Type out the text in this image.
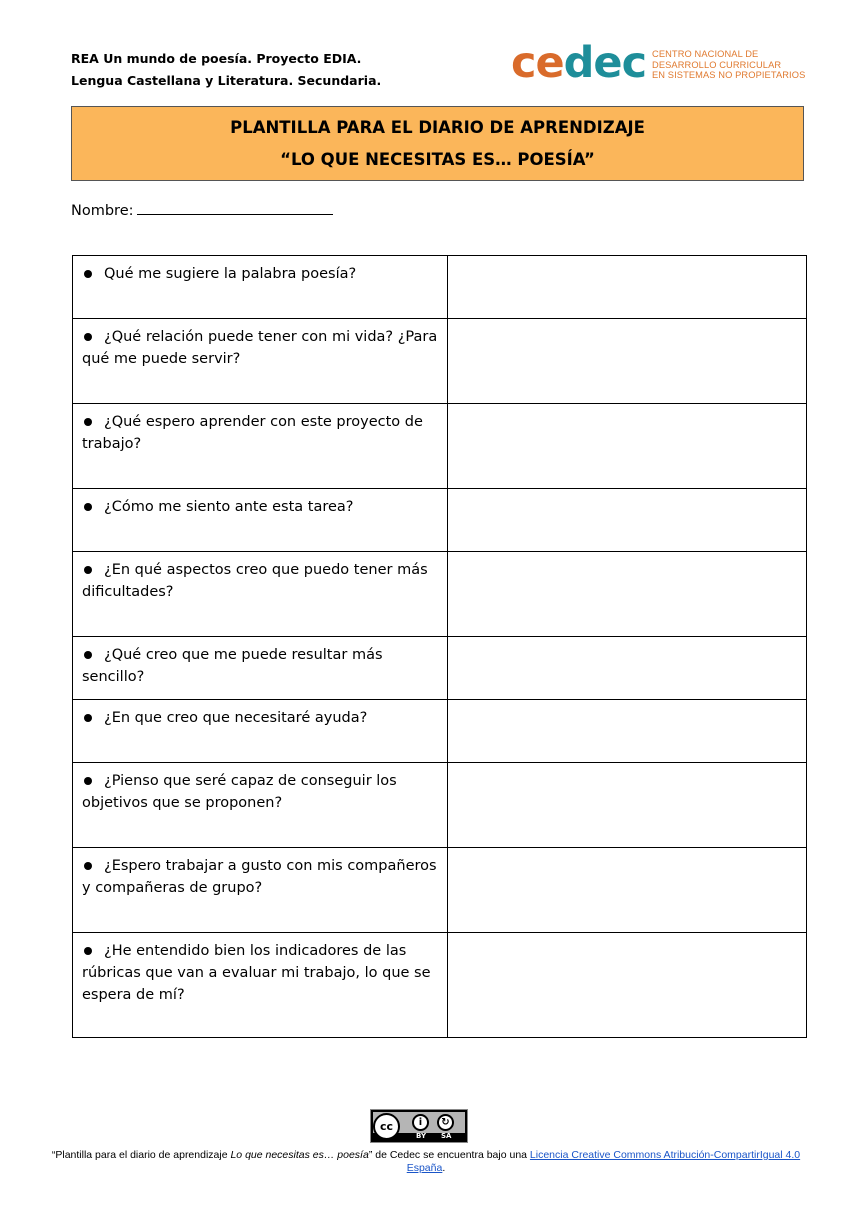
REA Un mundo de poesía. Proyecto EDIA.
Lengua Castellana y Literatura. Secundaria.	cedec CENTRO NACIONAL DE
DESARROLLO CURRICULAR
EN SISTEMAS NO PROPIETARIOS
PLANTILLA PARA EL DIARIO DE APRENDIZAJE
“LO QUE NECESITAS ES… POESÍA”
Nombre:
Qué me sugiere la palabra poesía?	
¿Qué relación puede tener con mi vida? ¿Para qué me puede servir?	
¿Qué espero aprender con este proyecto de trabajo?	
¿Cómo me siento ante esta tarea?	
¿En qué aspectos creo que puedo tener más dificultades?	
¿Qué creo que me puede resultar más sencillo?	
¿En que creo que necesitaré ayuda?	
¿Pienso que seré capaz de conseguir los objetivos que se proponen?	
¿Espero trabajar a gusto con mis compañeros y compañeras de grupo?	
¿He entendido bien los indicadores de las rúbricas que van a evaluar mi trabajo, lo que se espera de mí?	
cc	i	↻
BY SA
“Plantilla para el diario de aprendizaje Lo que necesitas es… poesía” de Cedec se encuentra bajo una Licencia Creative Commons Atribución-CompartirIgual 4.0 España.
